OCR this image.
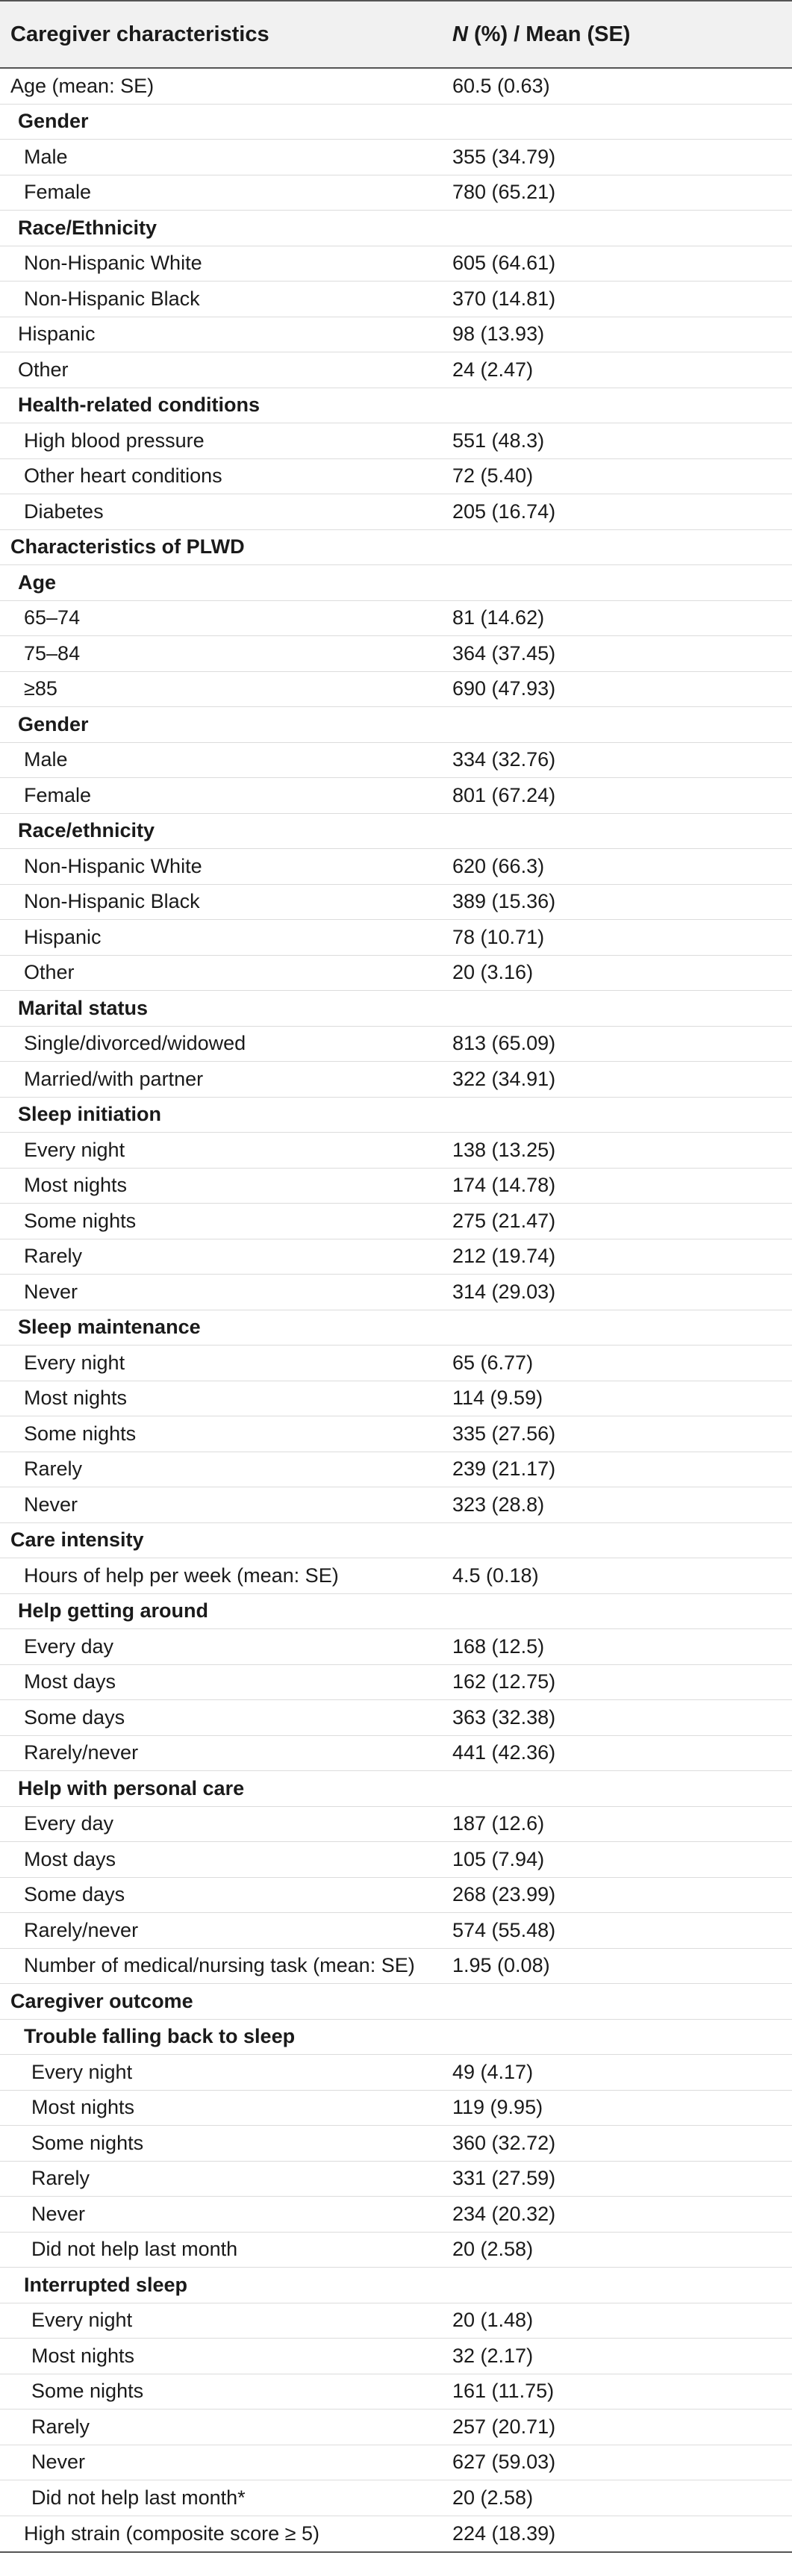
Caregiver characteristics	N (%) / Mean (SE)
Age (mean: SE)	60.5 (0.63)
Gender
Male	355 (34.79)
Female	780 (65.21)
Race/Ethnicity
Non-Hispanic White	605 (64.61)
Non-Hispanic Black	370 (14.81)
Hispanic	98 (13.93)
Other	24 (2.47)
Health-related conditions
High blood pressure	551 (48.3)
Other heart conditions	72 (5.40)
Diabetes	205 (16.74)
Characteristics of PLWD
Age
65–74	81 (14.62)
75–84	364 (37.45)
≥85	690 (47.93)
Gender
Male	334 (32.76)
Female	801 (67.24)
Race/ethnicity
Non-Hispanic White	620 (66.3)
Non-Hispanic Black	389 (15.36)
Hispanic	78 (10.71)
Other	20 (3.16)
Marital status
Single/divorced/widowed	813 (65.09)
Married/with partner	322 (34.91)
Sleep initiation
Every night	138 (13.25)
Most nights	174 (14.78)
Some nights	275 (21.47)
Rarely	212 (19.74)
Never	314 (29.03)
Sleep maintenance
Every night	65 (6.77)
Most nights	114 (9.59)
Some nights	335 (27.56)
Rarely	239 (21.17)
Never	323 (28.8)
Care intensity
Hours of help per week (mean: SE)	4.5 (0.18)
Help getting around
Every day	168 (12.5)
Most days	162 (12.75)
Some days	363 (32.38)
Rarely/never	441 (42.36)
Help with personal care
Every day	187 (12.6)
Most days	105 (7.94)
Some days	268 (23.99)
Rarely/never	574 (55.48)
Number of medical/nursing task (mean: SE)	1.95 (0.08)
Caregiver outcome
Trouble falling back to sleep
Every night	49 (4.17)
Most nights	119 (9.95)
Some nights	360 (32.72)
Rarely	331 (27.59)
Never	234 (20.32)
Did not help last month	20 (2.58)
Interrupted sleep
Every night	20 (1.48)
Most nights	32 (2.17)
Some nights	161 (11.75)
Rarely	257 (20.71)
Never	627 (59.03)
Did not help last month*	20 (2.58)
High strain (composite score ≥ 5)	224 (18.39)
